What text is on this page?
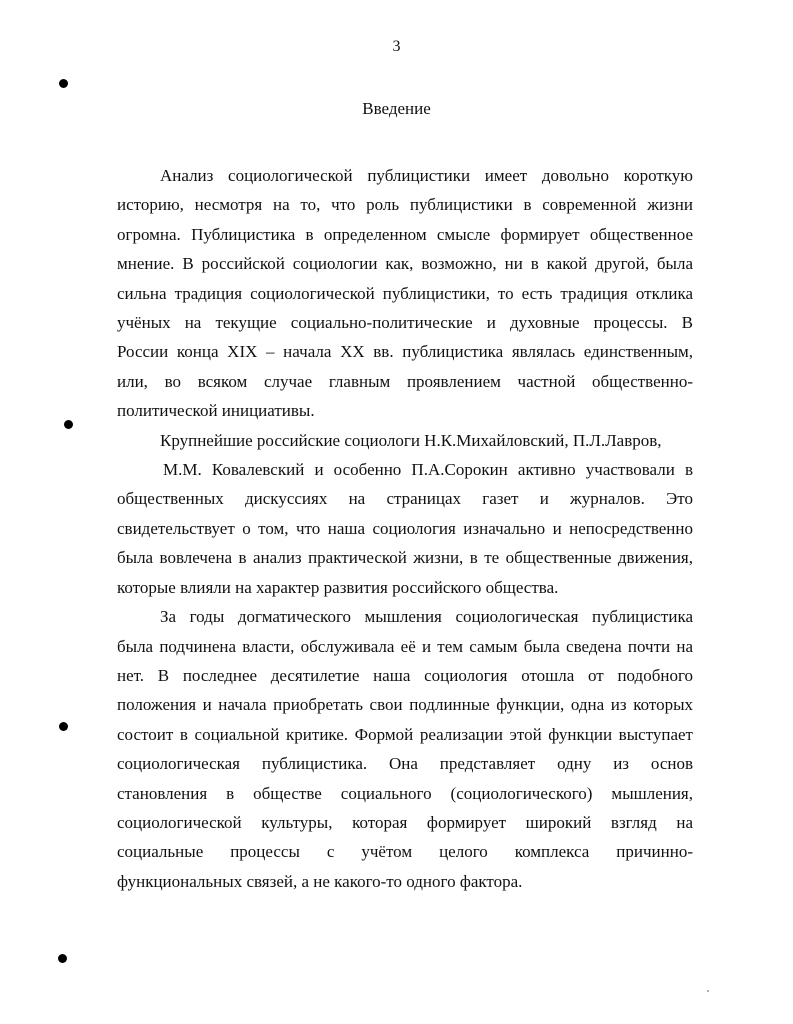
3
Введение

Анализ социологической публицистики имеет довольно короткую
историю, несмотря на то, что роль публицистики в современной жизни
огромна. Публицистика в определенном смысле формирует общественное
мнение. В российской социологии как, возможно, ни в какой другой, была
сильна традиция социологической публицистики, то есть традиция отклика
учёных на текущие социально-политические и духовные процессы. В
России конца XIX – начала XX вв. публицистика являлась единственным,
или, во всяком случае главным проявлением частной общественно-
политической инициативы.

Крупнейшие российские социологи Н.К.Михайловский, П.Л.Лавров,

М.М. Ковалевский и особенно П.А.Сорокин активно участвовали в
общественных дискуссиях на страницах газет и журналов. Это
свидетельствует о том, что наша социология изначально и непосредственно
была вовлечена в анализ практической жизни, в те общественные движения,
которые влияли на характер развития российского общества.

За годы догматического мышления социологическая публицистика
была подчинена власти, обслуживала её и тем самым была сведена почти на
нет. В последнее десятилетие наша социология отошла от подобного
положения и начала приобретать свои подлинные функции, одна из которых
состоит в социальной критике. Формой реализации этой функции выступает
социологическая публицистика. Она представляет одну из основ
становления в обществе социального (социологического) мышления,
социологической культуры, которая формирует широкий взгляд на
социальные процессы с учётом целого комплекса причинно-
функциональных связей, а не какого-то одного фактора.
